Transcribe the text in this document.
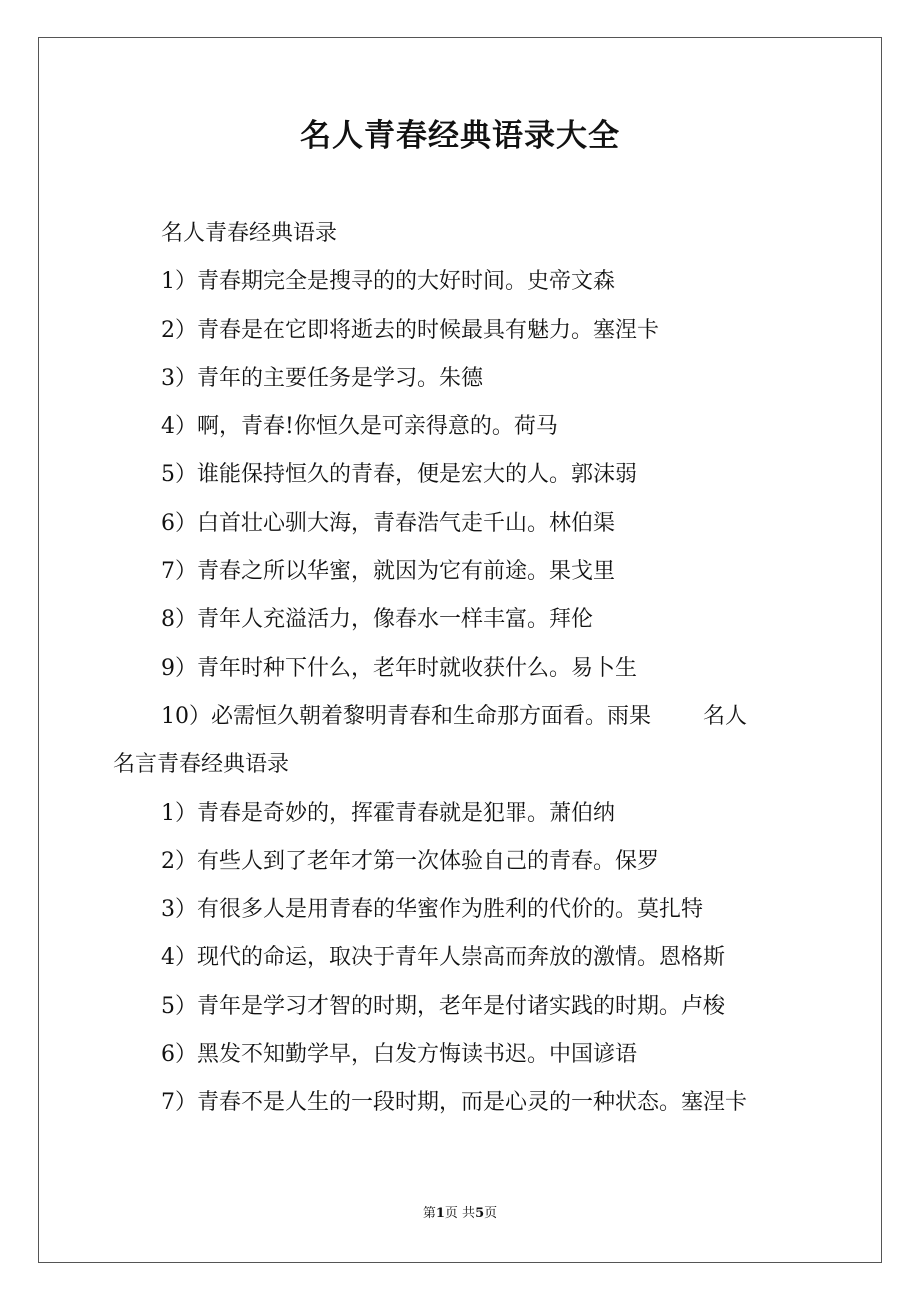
名人青春经典语录大全
名人青春经典语录
1）青春期完全是搜寻的的大好时间。史帝文森
2）青春是在它即将逝去的时候最具有魅力。塞涅卡
3）青年的主要任务是学习。朱德
4）啊，青春!你恒久是可亲得意的。荷马
5）谁能保持恒久的青春，便是宏大的人。郭沫弱
6）白首壮心驯大海，青春浩气走千山。林伯渠
7）青春之所以华蜜，就因为它有前途。果戈里
8）青年人充溢活力，像春水一样丰富。拜伦
9）青年时种下什么，老年时就收获什么。易卜生
10）必需恒久朝着黎明青春和生命那方面看。雨果 名人
名言青春经典语录
1）青春是奇妙的，挥霍青春就是犯罪。萧伯纳
2）有些人到了老年才第一次体验自己的青春。保罗
3）有很多人是用青春的华蜜作为胜利的代价的。莫扎特
4）现代的命运，取决于青年人崇高而奔放的激情。恩格斯
5）青年是学习才智的时期，老年是付诸实践的时期。卢梭
6）黑发不知勤学早，白发方悔读书迟。中国谚语
7）青春不是人生的一段时期，而是心灵的一种状态。塞涅卡
第1页 共5页
